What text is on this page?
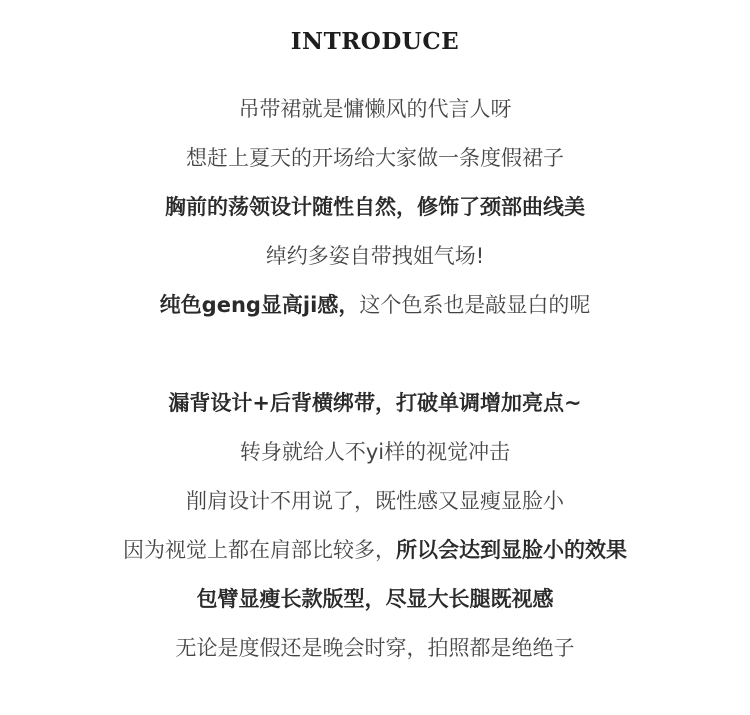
INTRODUCE
吊带裙就是慵懒风的代言人呀
想赶上夏天的开场给大家做一条度假裙子
胸前的荡领设计随性自然，修饰了颈部曲线美
绰约多姿自带拽姐气场!
纯色geng显高ji感，这个色系也是敲显白的呢
漏背设计+后背横绑带，打破单调增加亮点~
转身就给人不yi样的视觉冲击
削肩设计不用说了，既性感又显瘦显脸小
因为视觉上都在肩部比较多，所以会达到显脸小的效果
包臂显瘦长款版型，尽显大长腿既视感
无论是度假还是晚会时穿，拍照都是绝绝子
